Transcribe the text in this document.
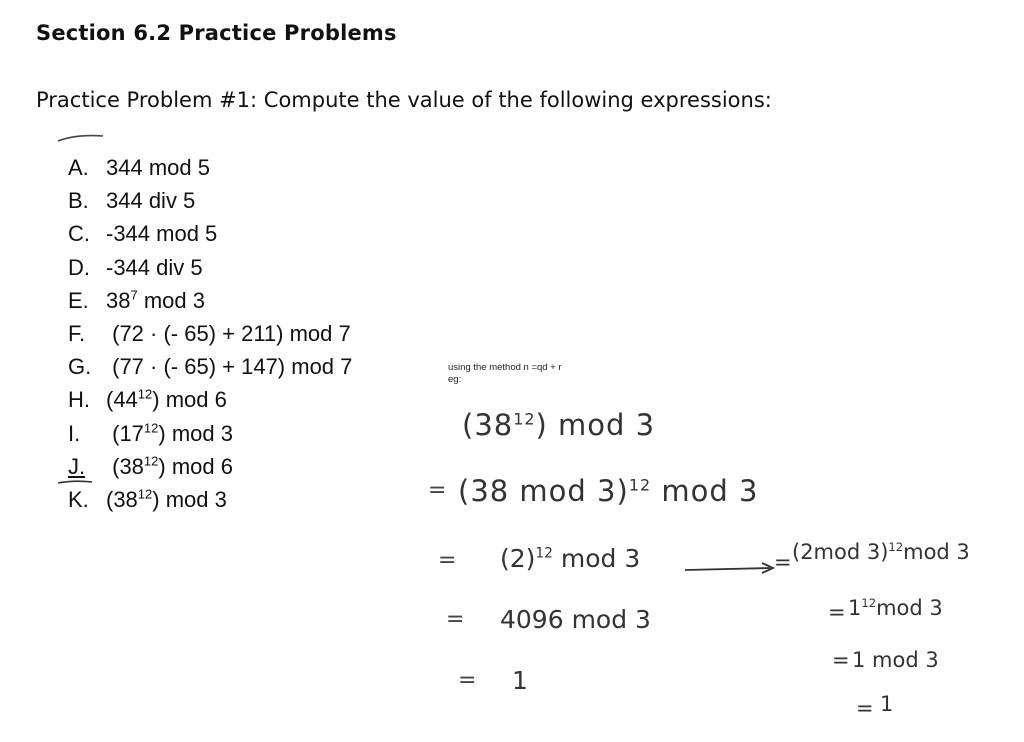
Section 6.2 Practice Problems
Practice Problem #1: Compute the value of the following expressions:
A. 344 mod 5
B. 344 div 5
C. -344 mod 5
D. -344 div 5
E. $38^7$ mod 3
F. (72 · (- 65) + 211) mod 7
G. (77 · (- 65) + 147) mod 7
H. $(44^{12})$ mod 6
I. $(17^{12})$ mod 3
J. $(38^{12})$ mod 6
K. $(38^{12})$ mod 3
using the method n =qd + r
eg:
$(38^{12})$ mod 3
= (38 mod 3)$^{12}$ mod 3
= $(2)^{12}$ mod 3
= 4096 mod 3
= 1
= (2mod 3)$^{12}$mod 3
= $1^{12}mod$ 3
= 1 mod 3
= 1
